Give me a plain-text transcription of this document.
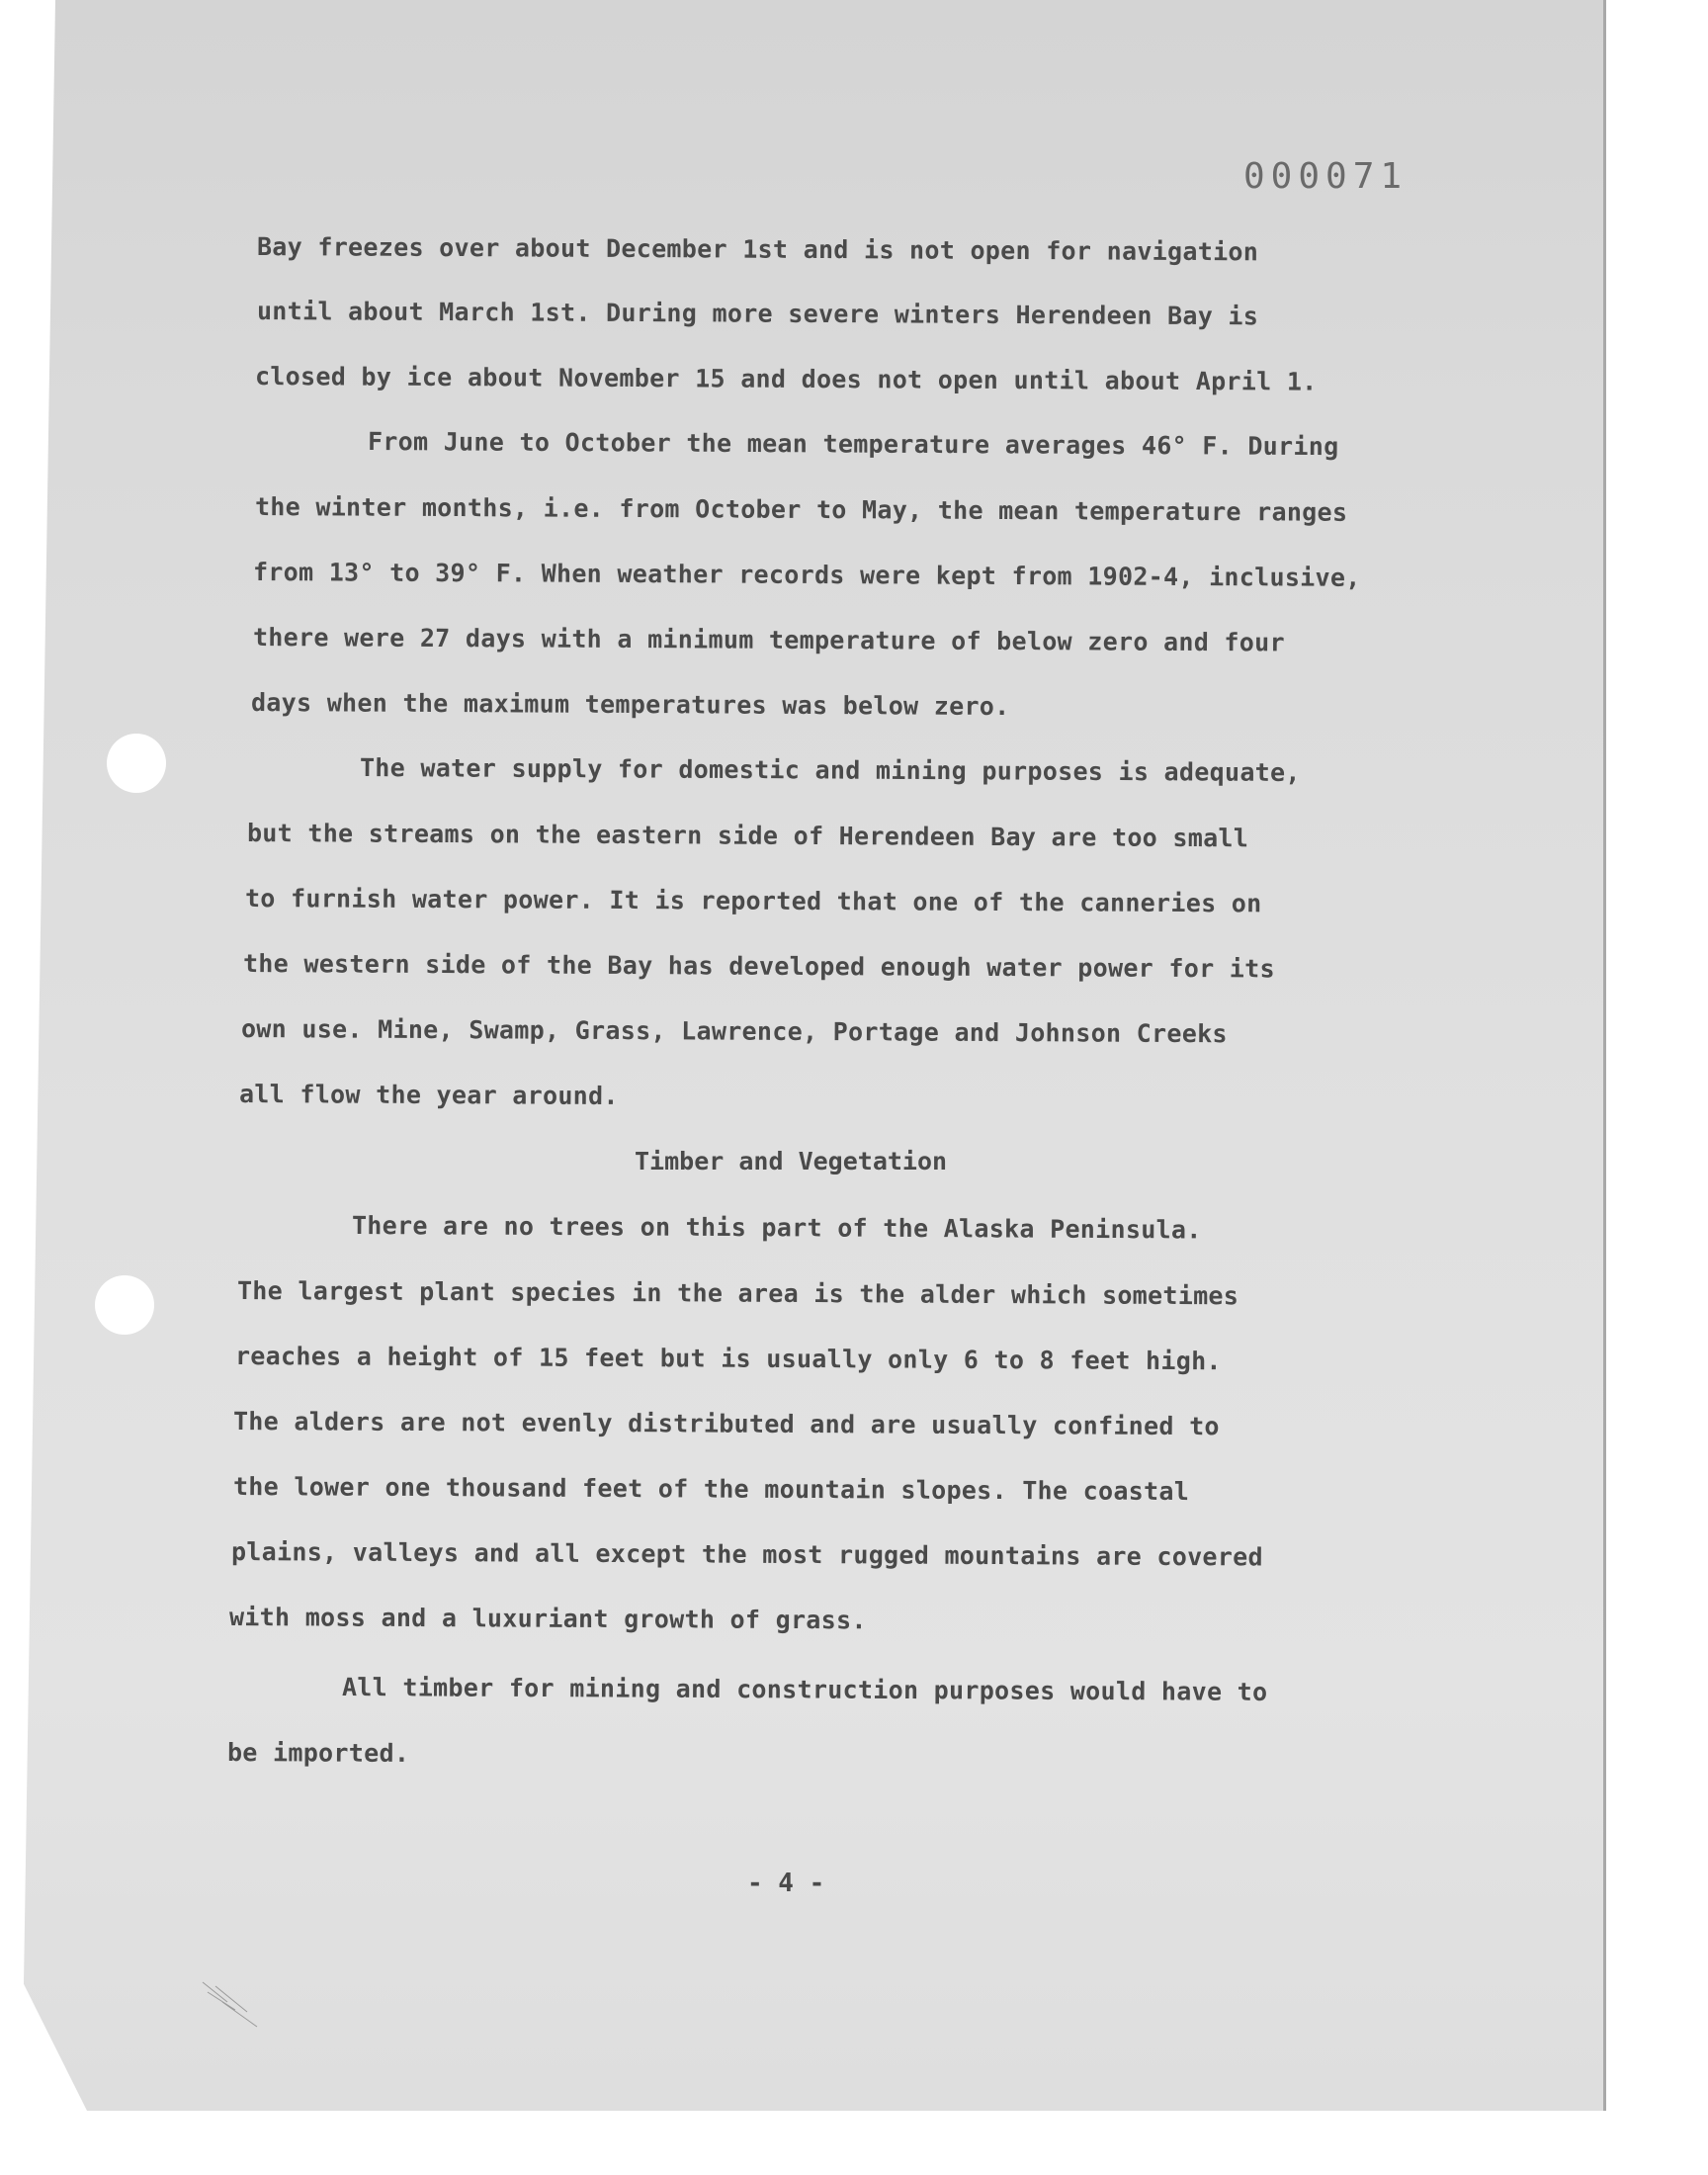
000071
Bay freezes over about December 1st and is not open for navigation
until about March 1st. During more severe winters Herendeen Bay is
closed by ice about November 15 and does not open until about April 1.
From June to October the mean temperature averages 46° F. During
the winter months, i.e. from October to May, the mean temperature ranges
from 13° to 39° F. When weather records were kept from 1902-4, inclusive,
there were 27 days with a minimum temperature of below zero and four
days when the maximum temperatures was below zero.
The water supply for domestic and mining purposes is adequate,
but the streams on the eastern side of Herendeen Bay are too small
to furnish water power. It is reported that one of the canneries on
the western side of the Bay has developed enough water power for its
own use. Mine, Swamp, Grass, Lawrence, Portage and Johnson Creeks
all flow the year around.
Timber and Vegetation
There are no trees on this part of the Alaska Peninsula.
The largest plant species in the area is the alder which sometimes
reaches a height of 15 feet but is usually only 6 to 8 feet high.
The alders are not evenly distributed and are usually confined to
the lower one thousand feet of the mountain slopes. The coastal
plains, valleys and all except the most rugged mountains are covered
with moss and a luxuriant growth of grass.
All timber for mining and construction purposes would have to
be imported.
- 4 -
